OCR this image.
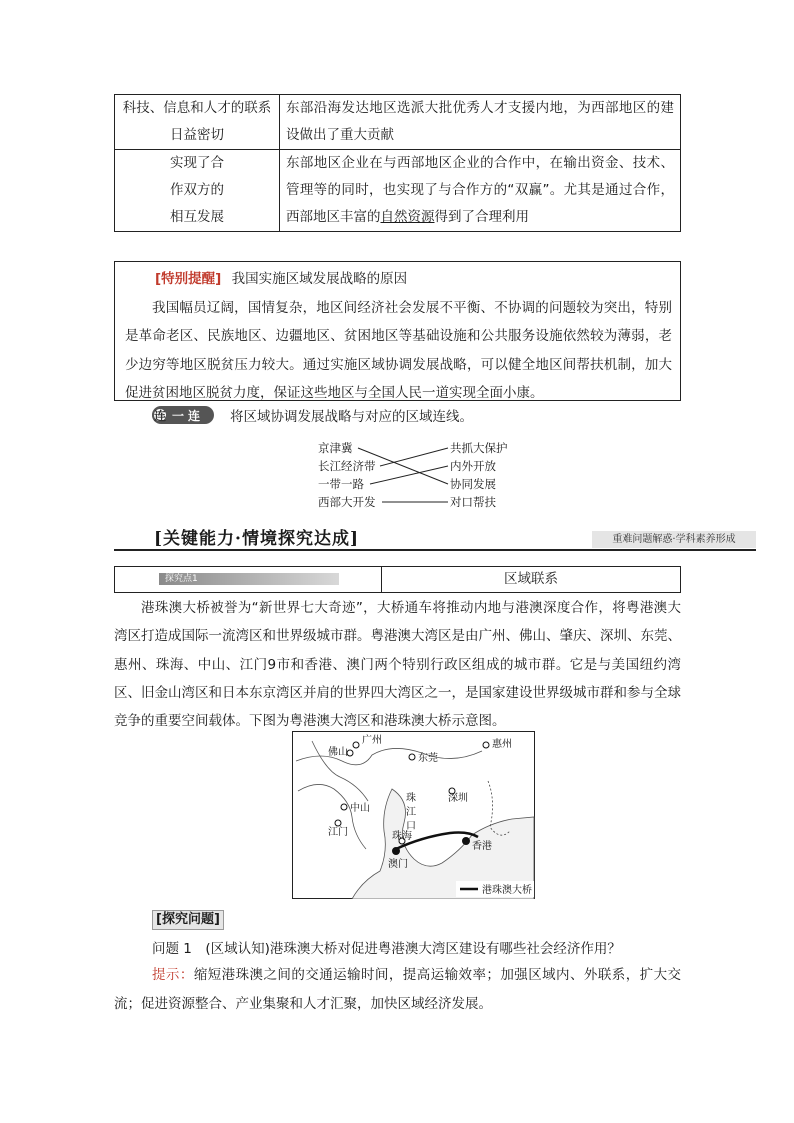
科技、信息和人才的联系
日益密切	东部沿海发达地区选派大批优秀人才支援内地，为西部地区的建设做出了重大贡献

实现了合
作双方的
相互发展	东部地区企业在与西部地区企业的合作中，在输出资金、技术、管理等的同时，也实现了与合作方的“双赢”。尤其是通过合作，西部地区丰富的自然资源得到了合理利用
[特别提醒] 我国实施区域发展战略的原因
我国幅员辽阔，国情复杂，地区间经济社会发展不平衡、不协调的问题较为突出，特别是革命老区、民族地区、边疆地区、贫困地区等基础设施和公共服务设施依然较为薄弱，老少边穷等地区脱贫压力较大。通过实施区域协调发展战略，可以健全地区间帮扶机制，加大促进贫困地区脱贫力度，保证这些地区与全国人民一道实现全面小康。
连 一连	将区域协调发展战略与对应的区域连线。
京津冀
长江经济带
一带一路
西部大开发
共抓大保护
内外开放
协同发展
对口帮扶
[关键能力·情境探究达成]	重难问题解惑·学科素养形成
探究点1	区域联系
港珠澳大桥被誉为“新世界七大奇迹”，大桥通车将推动内地与港澳深度合作，将粤港澳大湾区打造成国际一流湾区和世界级城市群。粤港澳大湾区是由广州、佛山、肇庆、深圳、东莞、惠州、珠海、中山、江门9市和香港、澳门两个特别行政区组成的城市群。它是与美国纽约湾区、旧金山湾区和日本东京湾区并肩的世界四大湾区之一，是国家建设世界级城市群和参与全球竞争的重要空间载体。下图为粤港澳大湾区和港珠澳大桥示意图。
广州
佛山
东莞
惠州
中山
深圳
江门	珠海
香港
澳门
珠
江
口
港珠澳大桥
[探究问题]
问题 1　(区域认知)港珠澳大桥对促进粤港澳大湾区建设有哪些社会经济作用？
提示：缩短港珠澳之间的交通运输时间，提高运输效率；加强区域内、外联系，扩大交流；促进资源整合、产业集聚和人才汇聚，加快区域经济发展。
